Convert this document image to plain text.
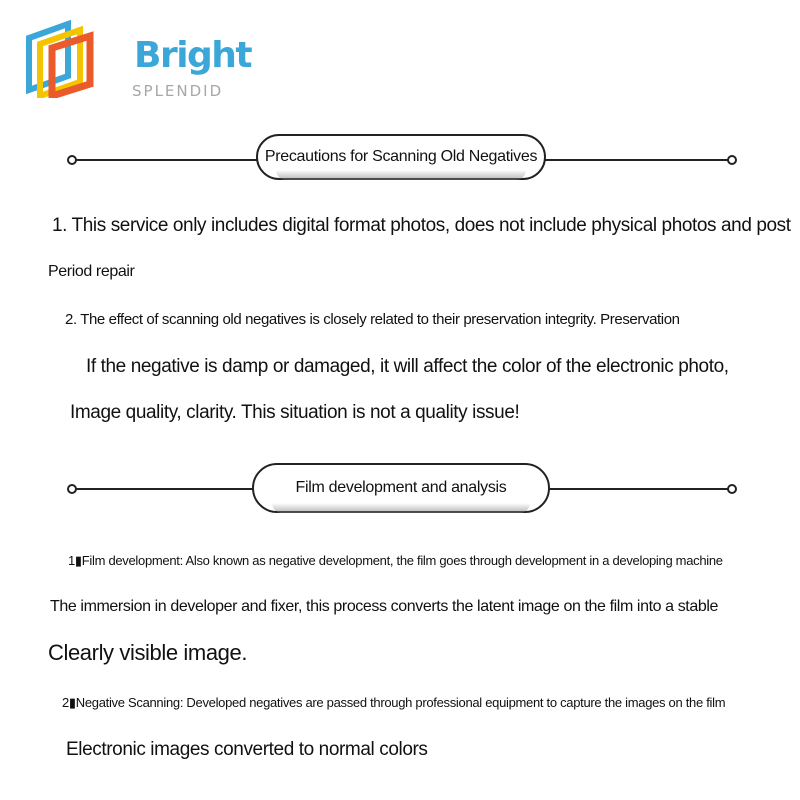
Bright
SPLENDID
Precautions for Scanning Old Negatives
1. This service only includes digital format photos, does not include physical photos and post
Period repair
2. The effect of scanning old negatives is closely related to their preservation integrity. Preservation
If the negative is damp or damaged, it will affect the color of the electronic photo,
Image quality, clarity. This situation is not a quality issue!
Film development and analysis
1▮Film development: Also known as negative development, the film goes through development in a developing machine
The immersion in developer and fixer, this process converts the latent image on the film into a stable
Clearly visible image.
2▮Negative Scanning: Developed negatives are passed through professional equipment to capture the images on the film
Electronic images converted to normal colors
